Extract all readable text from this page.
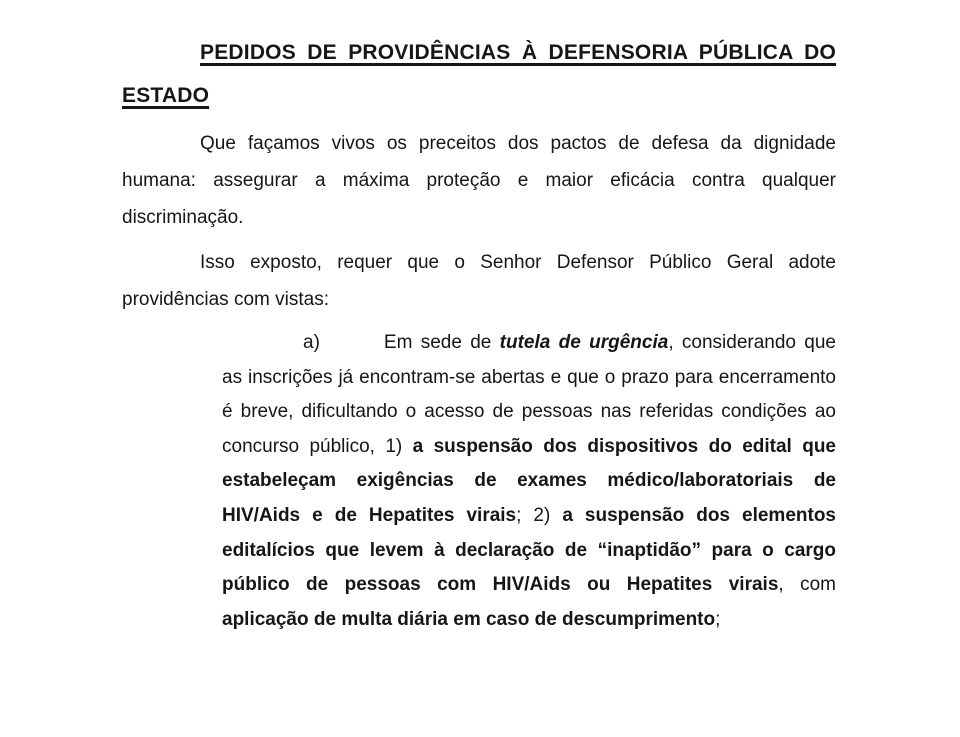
PEDIDOS DE PROVIDÊNCIAS À DEFENSORIA PÚBLICA DO ESTADO

Que façamos vivos os preceitos dos pactos de defesa da dignidade humana: assegurar a máxima proteção e maior eficácia contra qualquer discriminação.

Isso exposto, requer que o Senhor Defensor Público Geral adote providências com vistas:

a)	Em sede de tutela de urgência, considerando que as inscrições já encontram-se abertas e que o prazo para encerramento é breve, dificultando o acesso de pessoas nas referidas condições ao concurso público, 1) a suspensão dos dispositivos do edital que estabeleçam exigências de exames médico/laboratoriais de HIV/Aids e de Hepatites virais; 2) a suspensão dos elementos editalícios que levem à declaração de “inaptidão” para o cargo público de pessoas com HIV/Aids ou Hepatites virais, com aplicação de multa diária em caso de descumprimento;
